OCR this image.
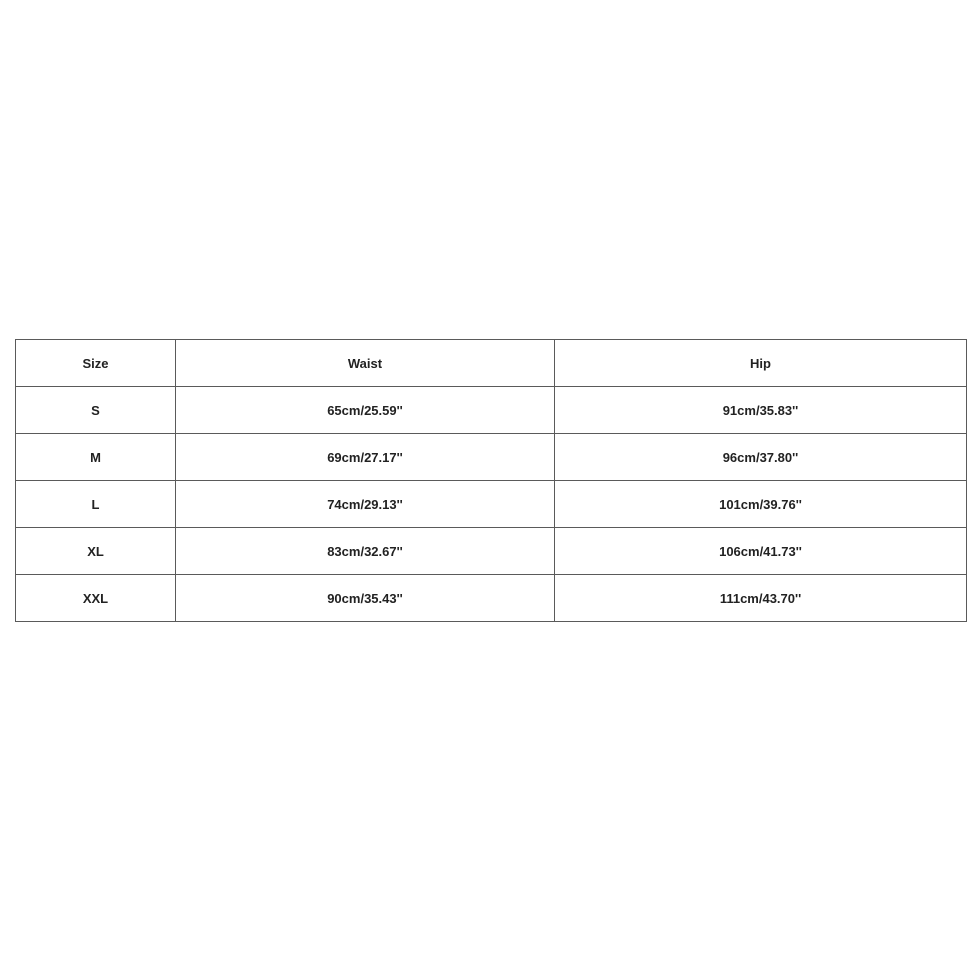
Size	Waist	Hip
S	65cm/25.59''	91cm/35.83''
M	69cm/27.17''	96cm/37.80''
L	74cm/29.13''	101cm/39.76''
XL	83cm/32.67''	106cm/41.73''
XXL	90cm/35.43''	111cm/43.70''
